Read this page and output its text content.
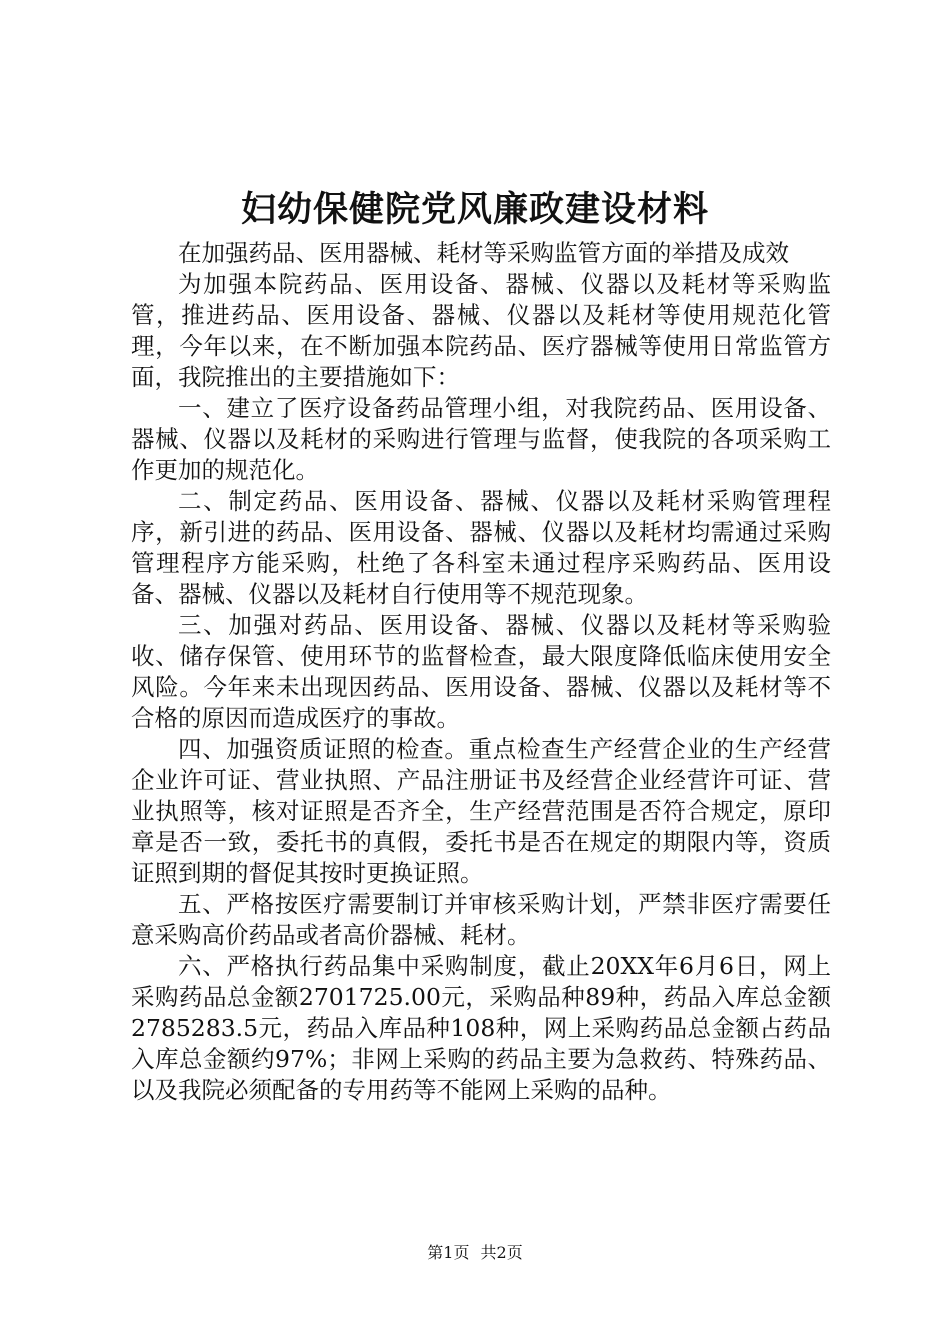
妇幼保健院党风廉政建设材料

在加强药品、医用器械、耗材等采购监管方面的举措及成效

为加强本院药品、医用设备、器械、仪器以及耗材等采购监管，推进药品、医用设备、器械、仪器以及耗材等使用规范化管理，今年以来，在不断加强本院药品、医疗器械等使用日常监管方面，我院推出的主要措施如下：

一、建立了医疗设备药品管理小组，对我院药品、医用设备、器械、仪器以及耗材的采购进行管理与监督，使我院的各项采购工作更加的规范化。

二、制定药品、医用设备、器械、仪器以及耗材采购管理程序，新引进的药品、医用设备、器械、仪器以及耗材均需通过采购管理程序方能采购，杜绝了各科室未通过程序采购药品、医用设备、器械、仪器以及耗材自行使用等不规范现象。

三、加强对药品、医用设备、器械、仪器以及耗材等采购验收、储存保管、使用环节的监督检查，最大限度降低临床使用安全风险。今年来未出现因药品、医用设备、器械、仪器以及耗材等不合格的原因而造成医疗的事故。

四、加强资质证照的检查。重点检查生产经营企业的生产经营企业许可证、营业执照、产品注册证书及经营企业经营许可证、营业执照等，核对证照是否齐全，生产经营范围是否符合规定，原印章是否一致，委托书的真假，委托书是否在规定的期限内等，资质证照到期的督促其按时更换证照。

五、严格按医疗需要制订并审核采购计划，严禁非医疗需要任意采购高价药品或者高价器械、耗材。

六、严格执行药品集中采购制度，截止20XX年6月6日，网上采购药品总金额2701725.00元，采购品种89种，药品入库总金额2785283.5元，药品入库品种108种，网上采购药品总金额占药品入库总金额约97%；非网上采购的药品主要为急救药、特殊药品、以及我院必须配备的专用药等不能网上采购的品种。

第1页 共2页
